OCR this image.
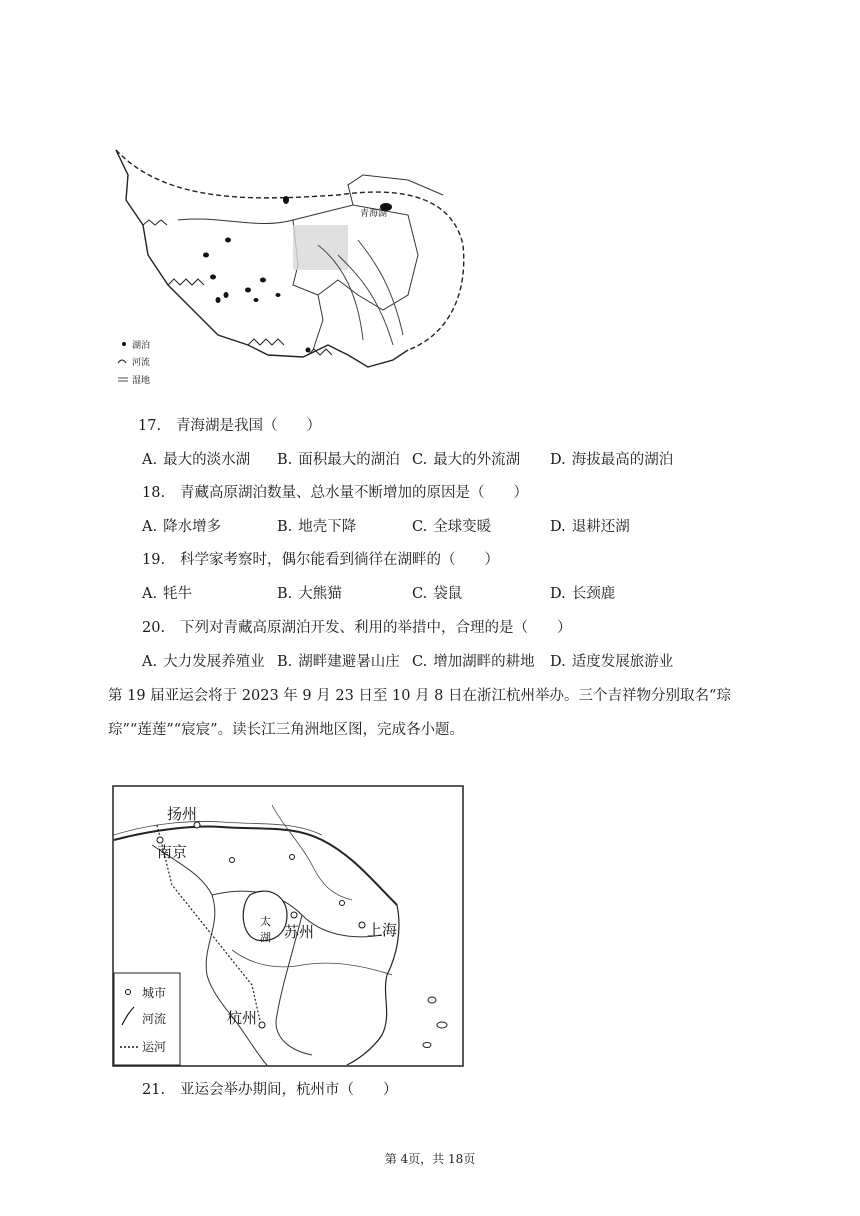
青海湖
湖泊
河流
湿地
17. 青海湖是我国（　　）
A. 最大的淡水湖 B. 面积最大的湖泊 C. 最大的外流湖 D. 海拔最高的湖泊
18. 青藏高原湖泊数量、总水量不断增加的原因是（　　）
A. 降水增多	B. 地壳下降	C. 全球变暖	D. 退耕还湖
19. 科学家考察时，偶尔能看到徜徉在湖畔的（　　）
A. 牦牛	B. 大熊猫	C. 袋鼠	D. 长颈鹿
20. 下列对青藏高原湖泊开发、利用的举措中，合理的是（　　）
A. 大力发展养殖业 B. 湖畔建避暑山庄 C. 增加湖畔的耕地 D. 适度发展旅游业
第 19 届亚运会将于 2023 年 9 月 23 日至 10 月 8 日在浙江杭州举办。三个吉祥物分别取名“琮
琮”“莲莲”“宸宸”。读长江三角洲地区图，完成各小题。
扬州
南京
太
湖 苏州	上海
杭州
城市
河流
运河
21. 亚运会举办期间，杭州市（　　）
第 4页，共 18页
